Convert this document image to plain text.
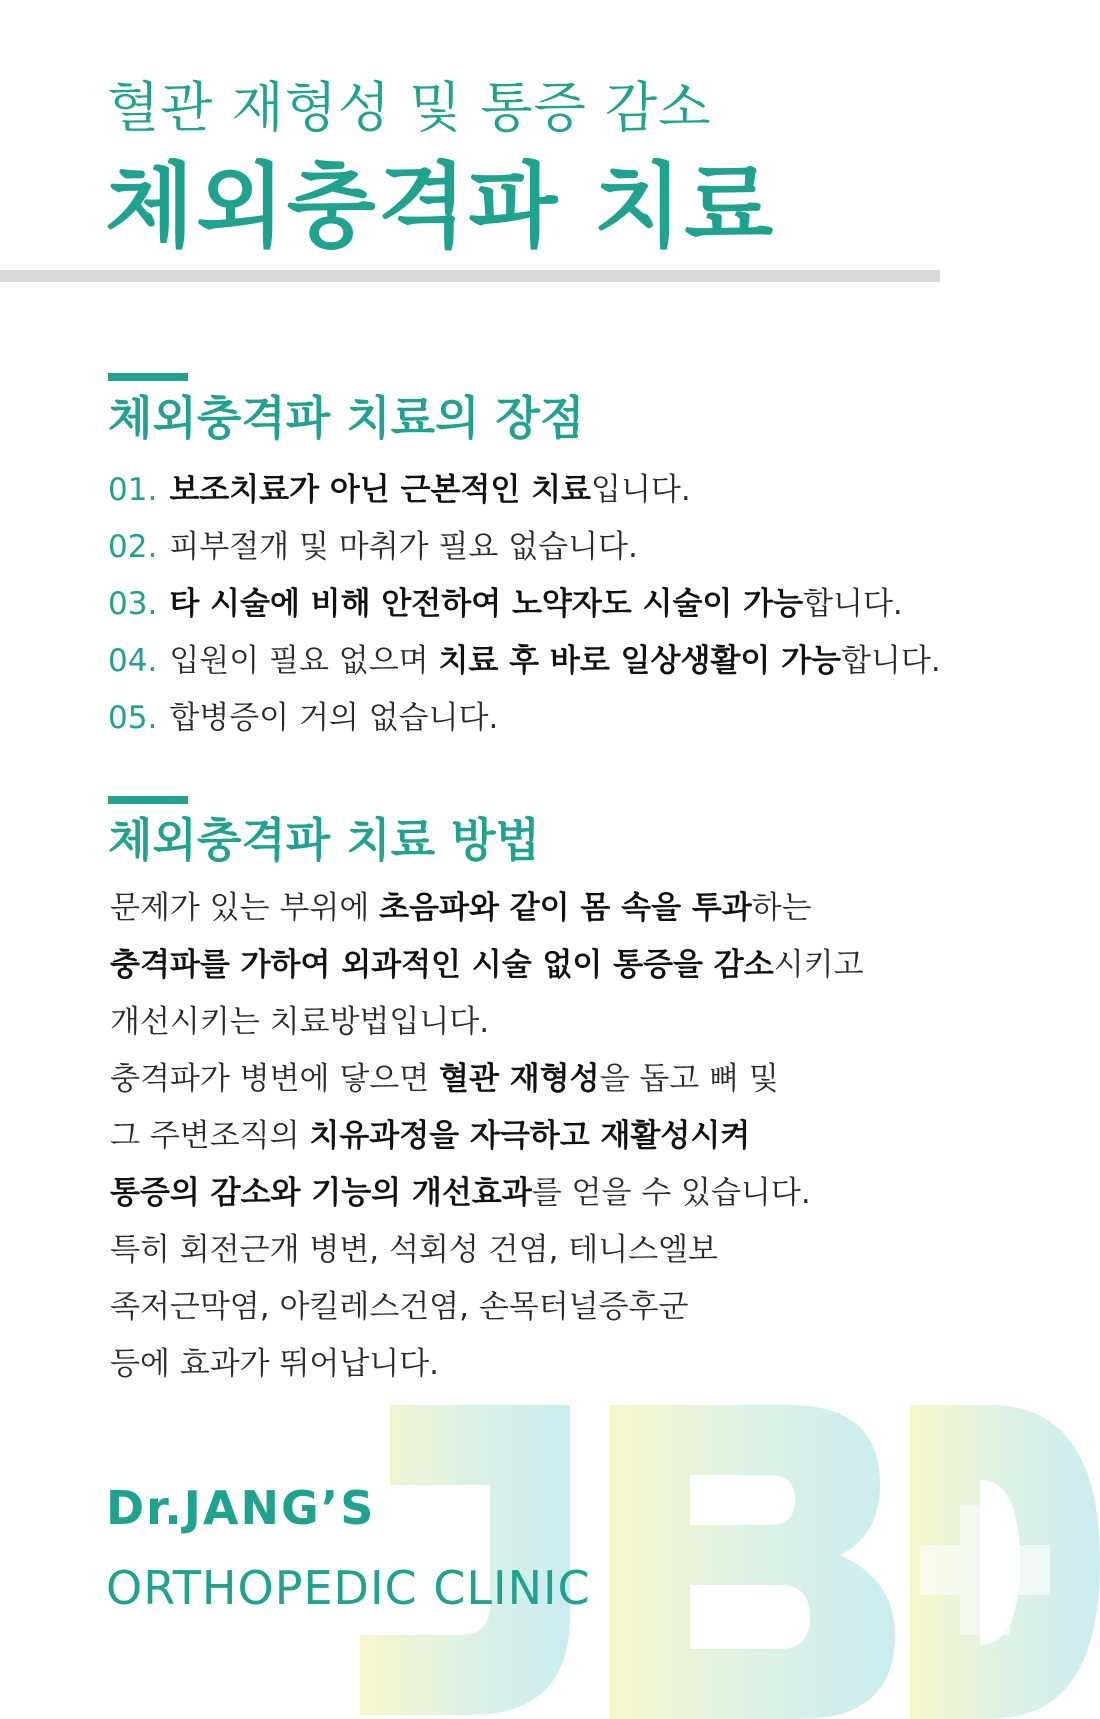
혈관 재형성 및 통증 감소
체외충격파 치료
체외충격파 치료의 장점
01. 보조치료가 아닌 근본적인 치료입니다.
02. 피부절개 및 마취가 필요 없습니다.
03. 타 시술에 비해 안전하여 노약자도 시술이 가능합니다.
04. 입원이 필요 없으며 치료 후 바로 일상생활이 가능합니다.
05. 합병증이 거의 없습니다.
체외충격파 치료 방법
문제가 있는 부위에 초음파와 같이 몸 속을 투과하는
충격파를 가하여 외과적인 시술 없이 통증을 감소시키고
개선시키는 치료방법입니다.
충격파가 병변에 닿으면 혈관 재형성을 돕고 뼈 및
그 주변조직의 치유과정을 자극하고 재활성시켜
통증의 감소와 기능의 개선효과를 얻을 수 있습니다.
특히 회전근개 병변, 석회성 건염, 테니스엘보
족저근막염, 아킬레스건염, 손목터널증후군
등에 효과가 뛰어납니다.
Dr.JANG’S
ORTHOPEDIC CLINIC
